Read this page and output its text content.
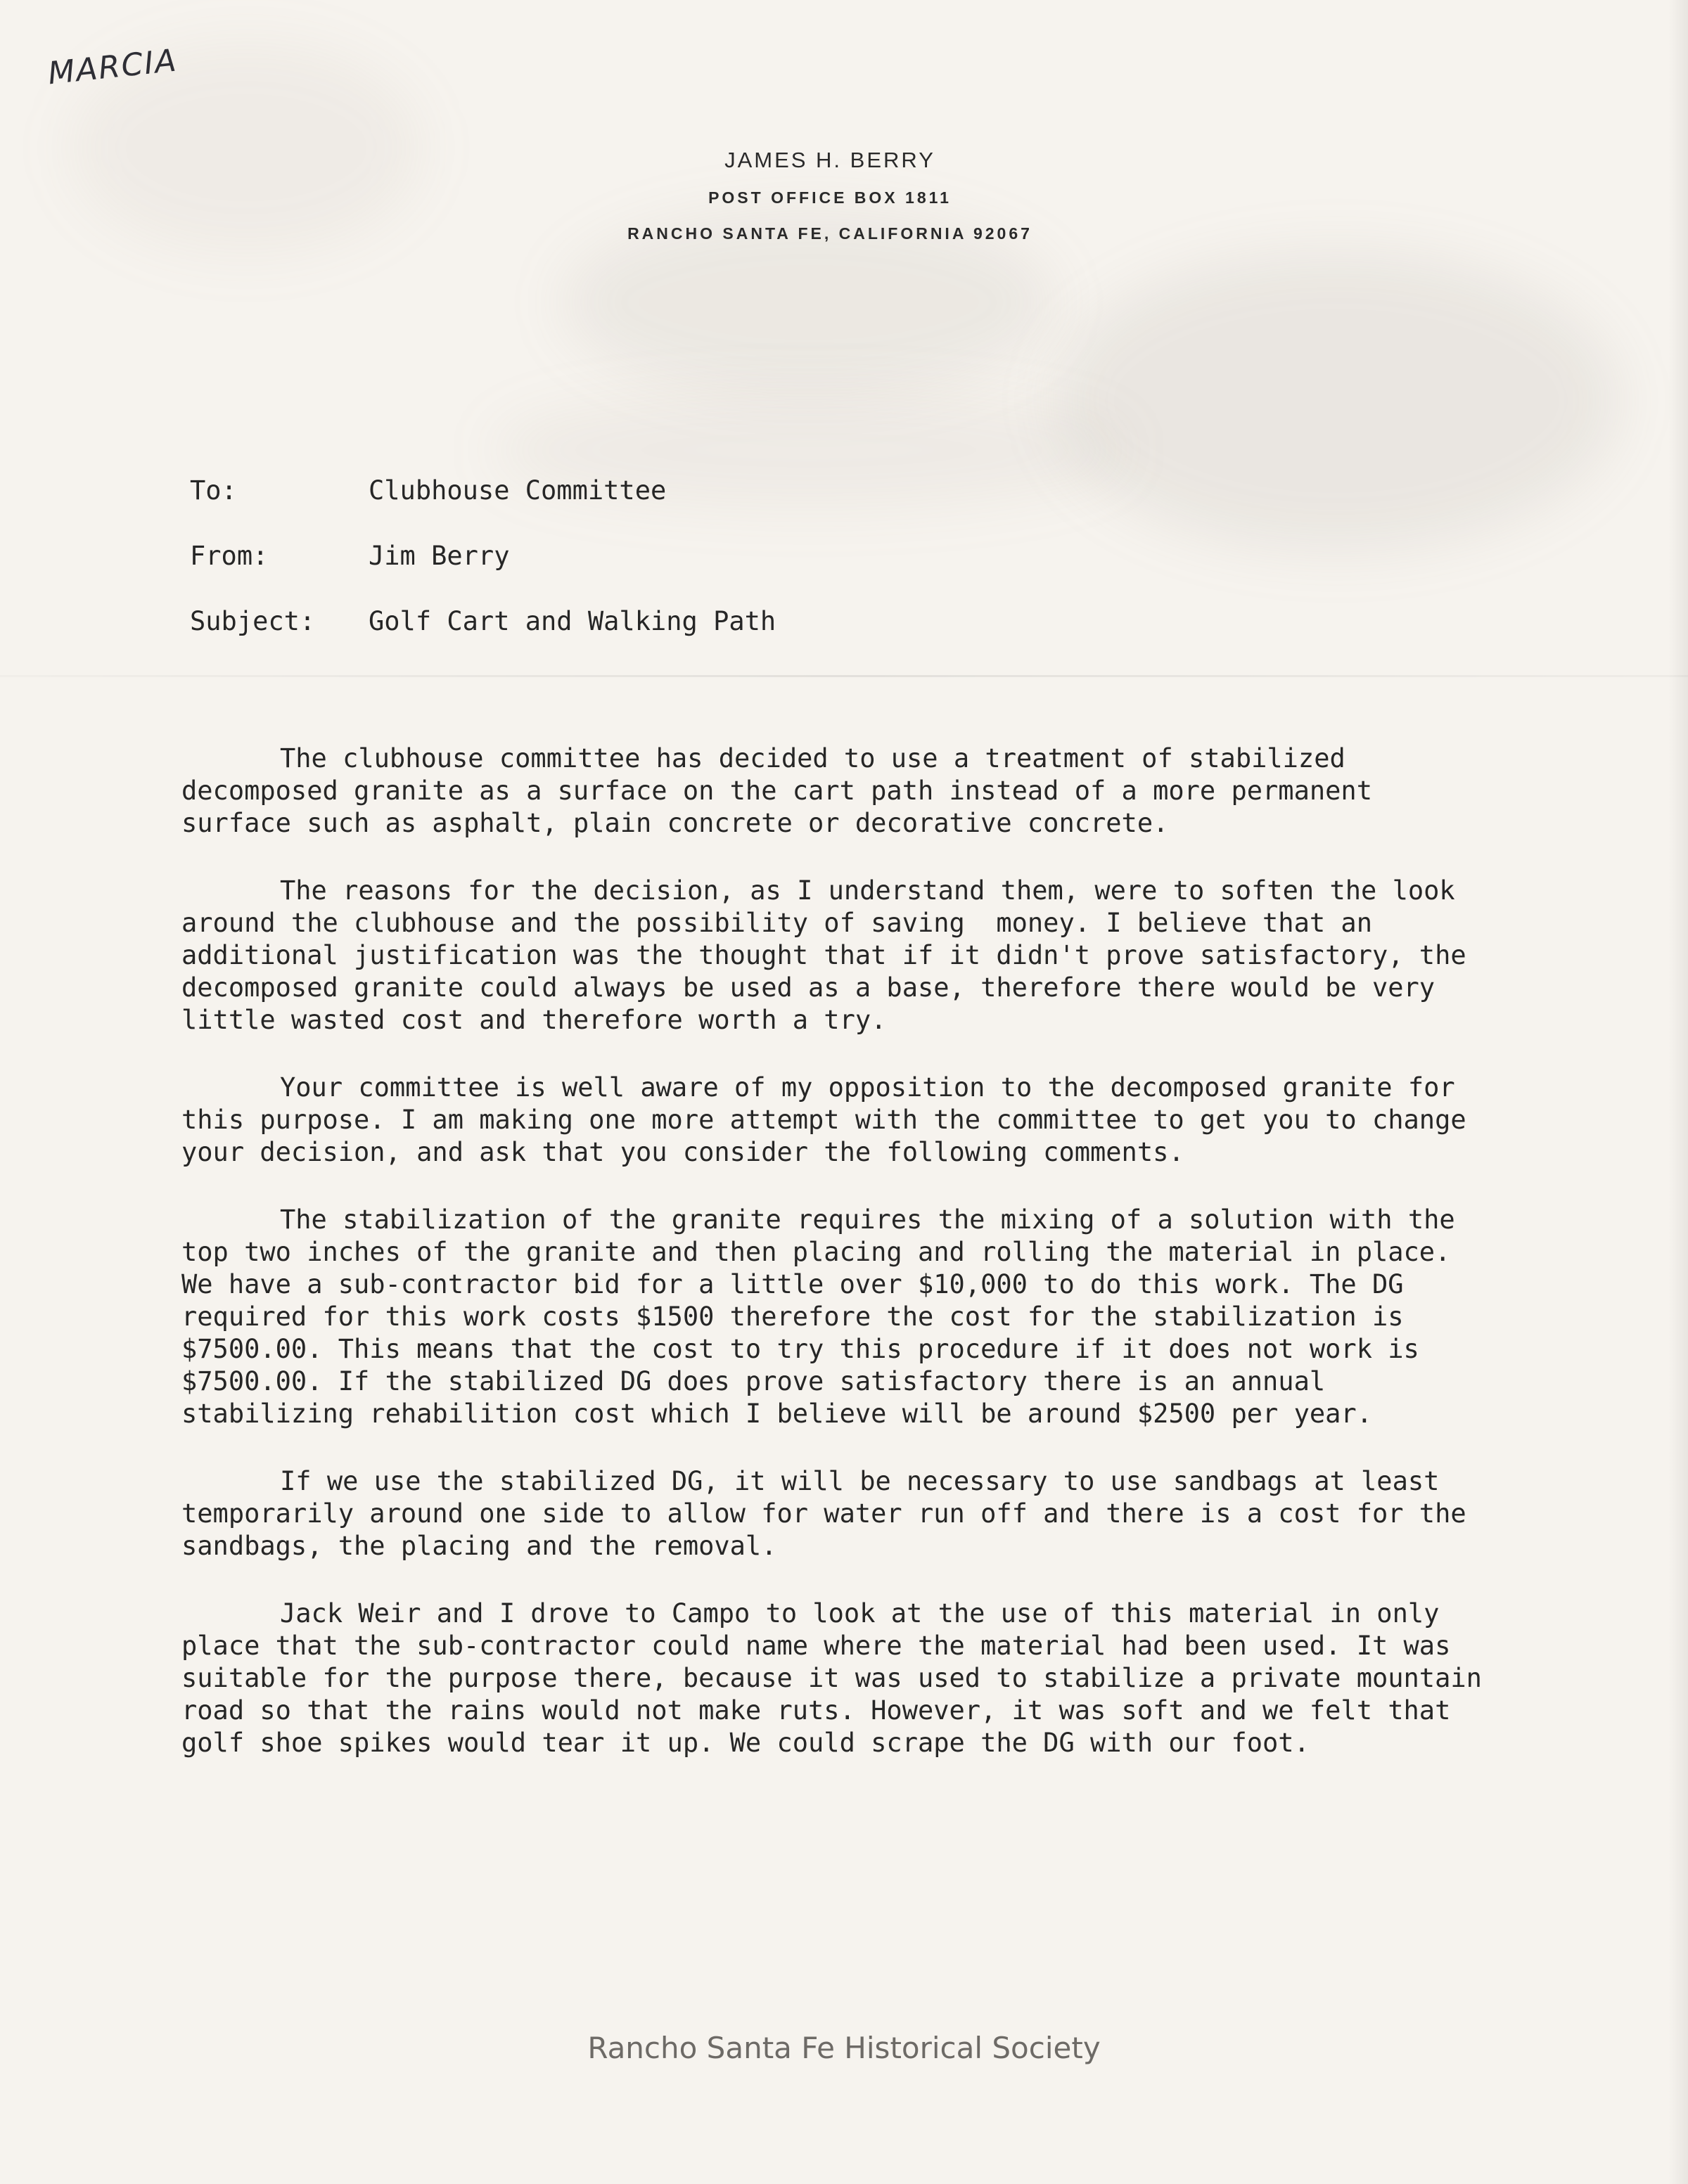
MARCIA
JAMES H. BERRY
POST OFFICE BOX 1811
RANCHO SANTA FE, CALIFORNIA 92067
To:	Clubhouse Committee
From:	Jim Berry
Subject:	Golf Cart and Walking Path

The clubhouse committee has decided to use a treatment of stabilized decomposed granite as a surface on the cart path instead of a more permanent surface such as asphalt, plain concrete or decorative concrete.

The reasons for the decision, as I understand them, were to soften the look around the clubhouse and the possibility of saving  money. I believe that an additional justification was the thought that if it didn't prove satisfactory, the decomposed granite could always be used as a base, therefore there would be very little wasted cost and therefore worth a try.

Your committee is well aware of my opposition to the decomposed granite for this purpose. I am making one more attempt with the committee to get you to change your decision, and ask that you consider the following comments.

The stabilization of the granite requires the mixing of a solution with the top two inches of the granite and then placing and rolling the material in place. We have a sub-contractor bid for a little over $10,000 to do this work. The DG required for this work costs $1500 therefore the cost for the stabilization is $7500.00. This means that the cost to try this procedure if it does not work is $7500.00. If the stabilized DG does prove satisfactory there is an annual stabilizing rehabilition cost which I believe will be around $2500 per year.

If we use the stabilized DG, it will be necessary to use sandbags at least temporarily around one side to allow for water run off and there is a cost for the sandbags, the placing and the removal.

Jack Weir and I drove to Campo to look at the use of this material in only place that the sub-contractor could name where the material had been used. It was suitable for the purpose there, because it was used to stabilize a private mountain road so that the rains would not make ruts. However, it was soft and we felt that golf shoe spikes would tear it up. We could scrape the DG with our foot.

Rancho Santa Fe Historical Society
